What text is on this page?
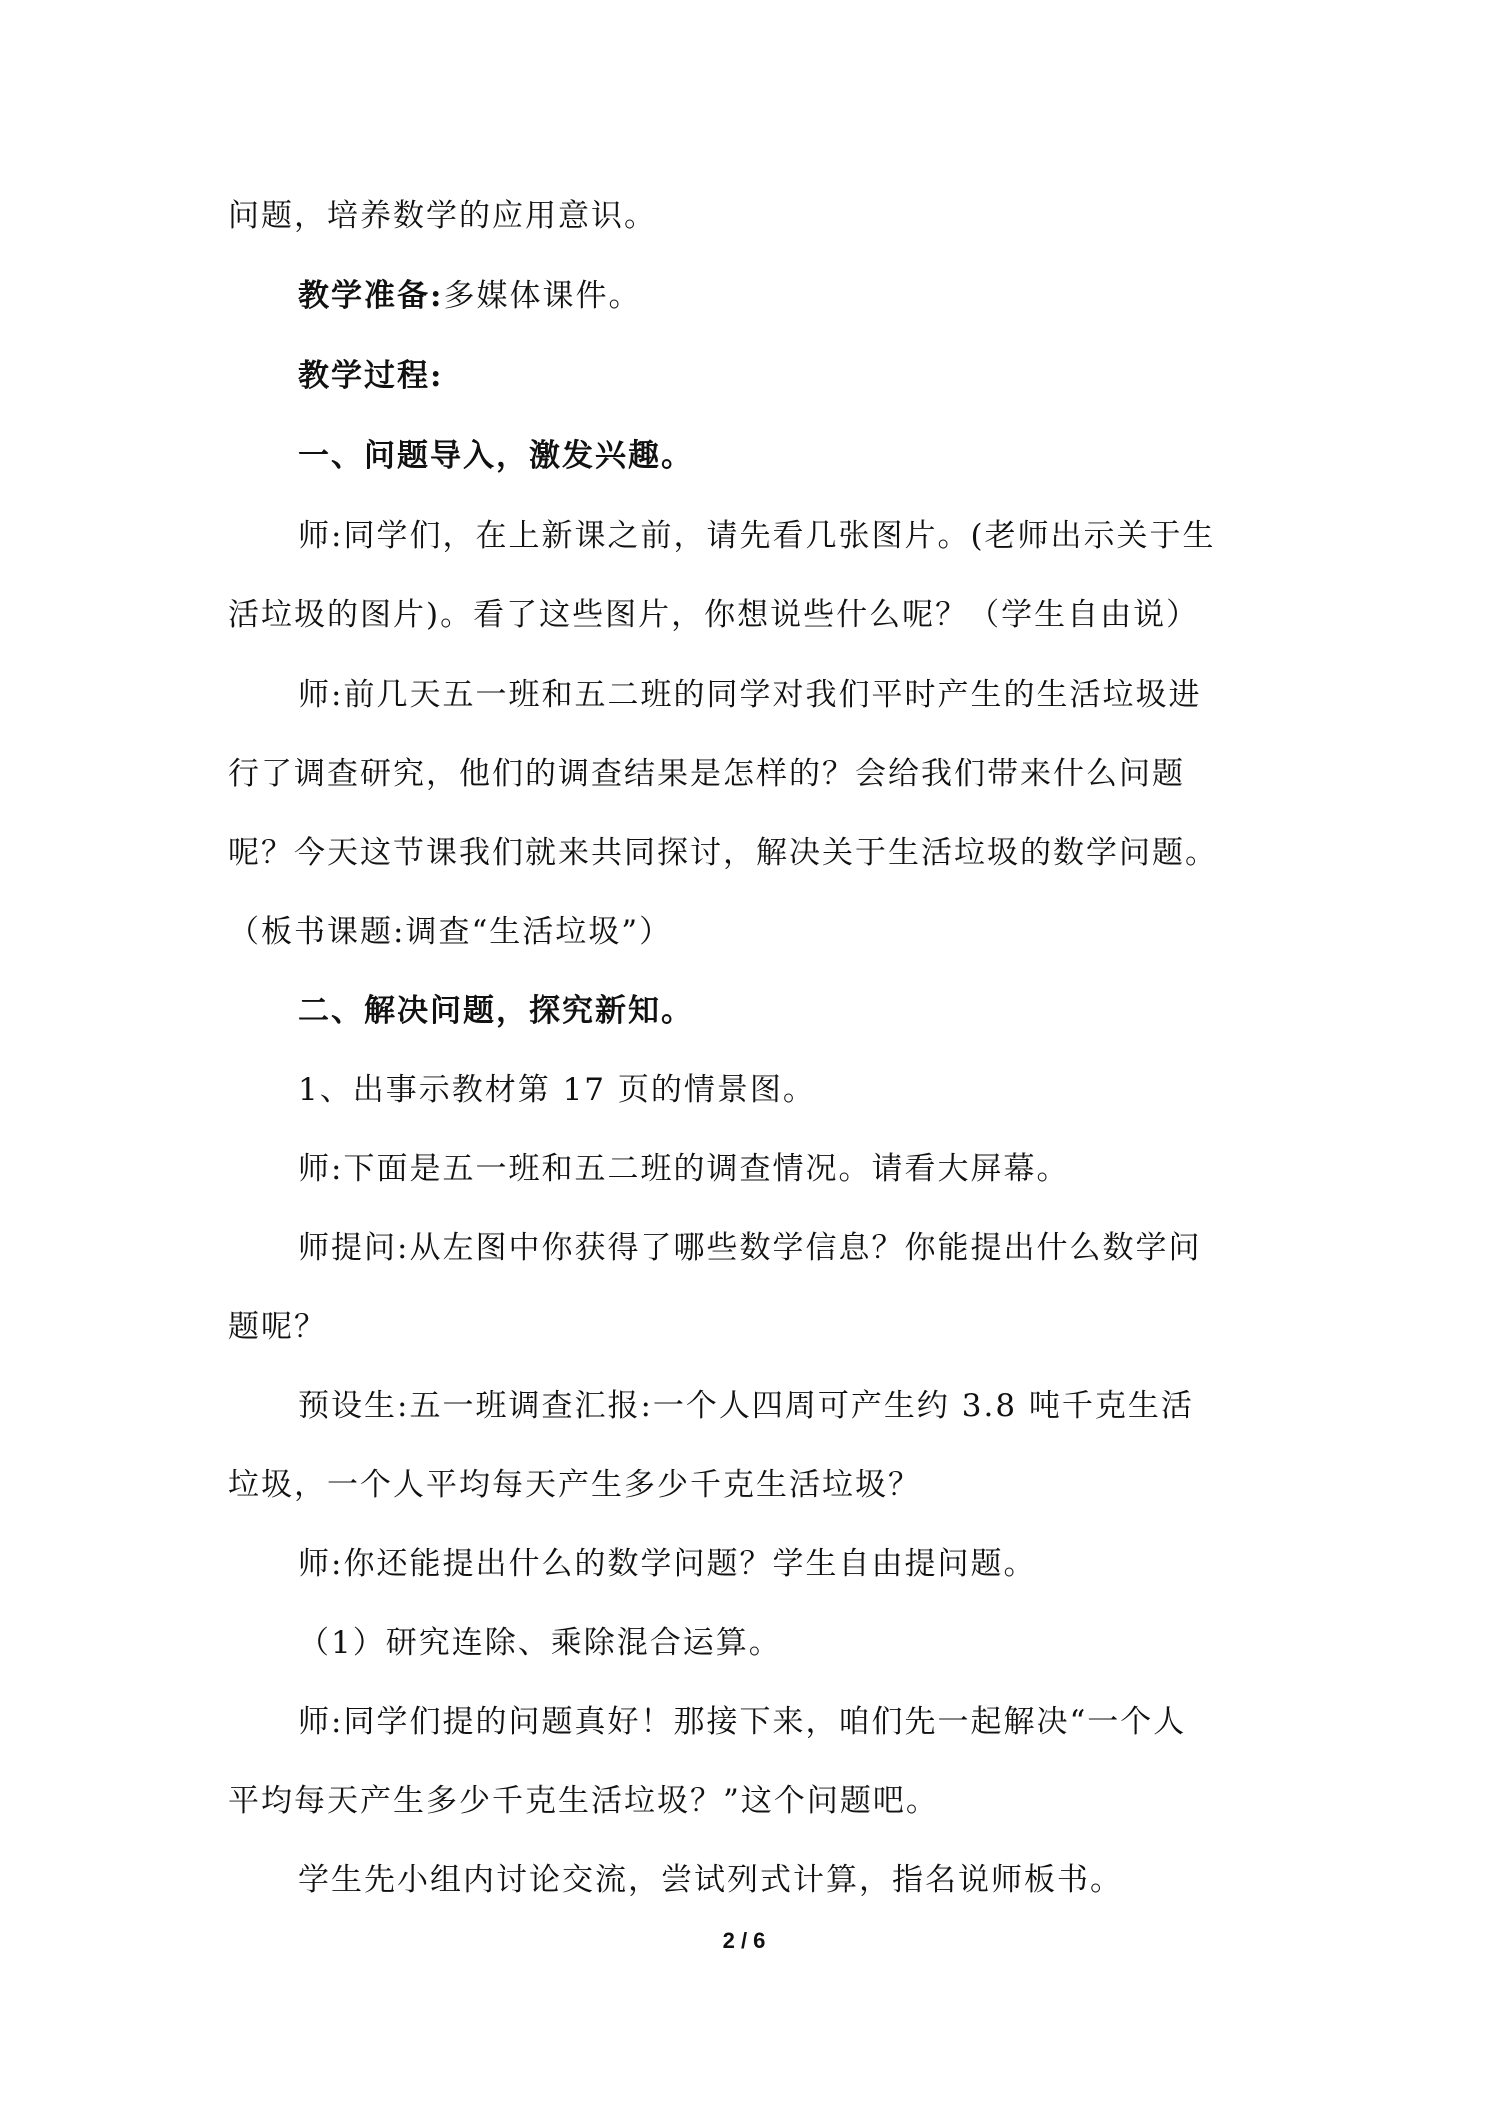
问题，培养数学的应用意识。
教学准备:多媒体课件。
教学过程:
一、问题导入，激发兴趣。
师:同学们，在上新课之前，请先看几张图片。(老师出示关于生
活垃圾的图片)。看了这些图片，你想说些什么呢？（学生自由说）
师:前几天五一班和五二班的同学对我们平时产生的生活垃圾进
行了调查研究，他们的调查结果是怎样的？会给我们带来什么问题
呢？今天这节课我们就来共同探讨，解决关于生活垃圾的数学问题。
（板书课题:调查“生活垃圾”）
二、解决问题，探究新知。
1、出事示教材第 17 页的情景图。
师:下面是五一班和五二班的调查情况。请看大屏幕。
师提问:从左图中你获得了哪些数学信息？你能提出什么数学问
题呢？
预设生:五一班调查汇报:一个人四周可产生约 3.8 吨千克生活
垃圾，一个人平均每天产生多少千克生活垃圾？
师:你还能提出什么的数学问题？学生自由提问题。
（1）研究连除、乘除混合运算。
师:同学们提的问题真好！那接下来，咱们先一起解决“一个人
平均每天产生多少千克生活垃圾？”这个问题吧。
学生先小组内讨论交流，尝试列式计算，指名说师板书。
2 / 6
